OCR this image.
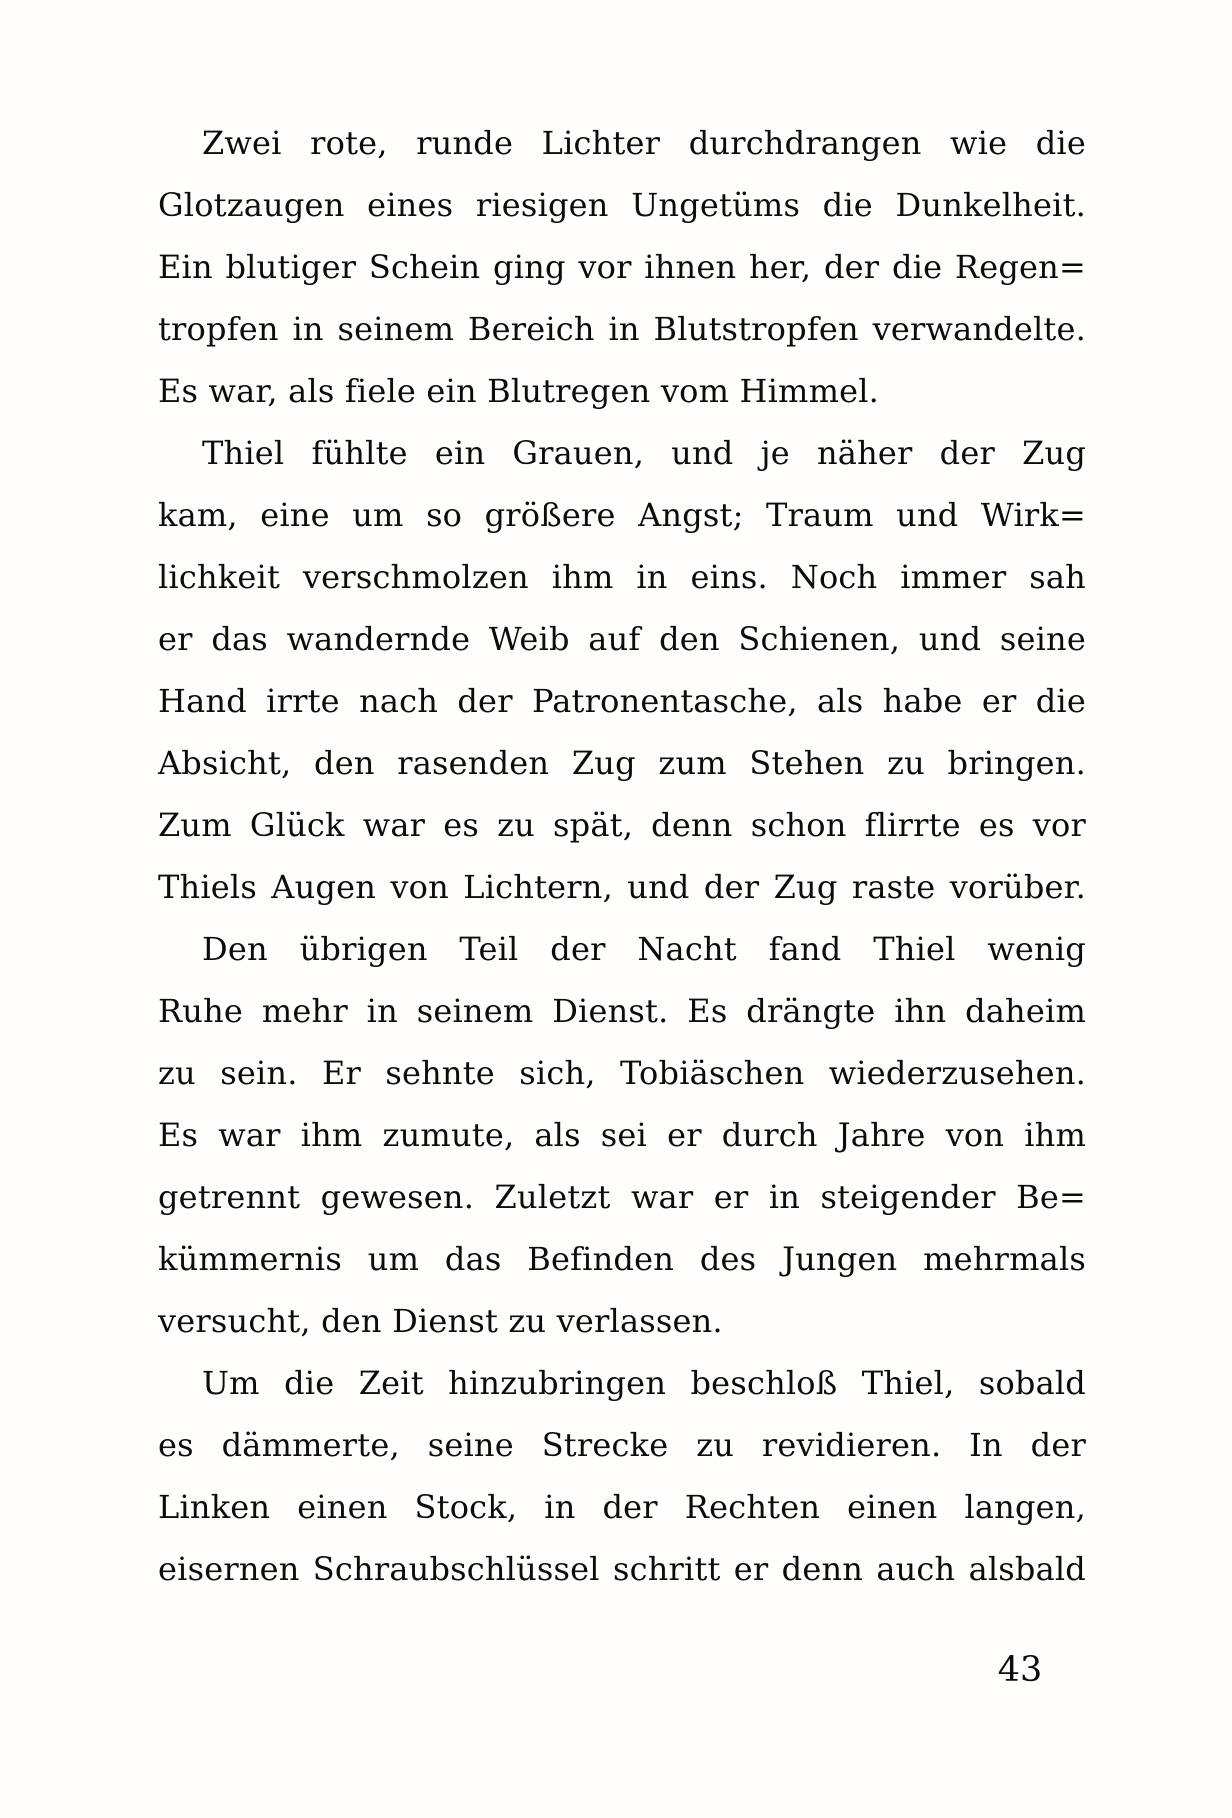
Zwei rote, runde Lichter durchdrangen wie die
Glotzaugen eines riesigen Ungetüms die Dunkelheit.
Ein blutiger Schein ging vor ihnen her, der die Regen=
tropfen in seinem Bereich in Blutstropfen verwandelte.
Es war, als fiele ein Blutregen vom Himmel.
Thiel fühlte ein Grauen, und je näher der Zug
kam, eine um so größere Angst; Traum und Wirk=
lichkeit verschmolzen ihm in eins. Noch immer sah
er das wandernde Weib auf den Schienen, und seine
Hand irrte nach der Patronentasche, als habe er die
Absicht, den rasenden Zug zum Stehen zu bringen.
Zum Glück war es zu spät, denn schon flirrte es vor
Thiels Augen von Lichtern, und der Zug raste vorüber.
Den übrigen Teil der Nacht fand Thiel wenig
Ruhe mehr in seinem Dienst. Es drängte ihn daheim
zu sein. Er sehnte sich, Tobiäschen wiederzusehen.
Es war ihm zumute, als sei er durch Jahre von ihm
getrennt gewesen. Zuletzt war er in steigender Be=
kümmernis um das Befinden des Jungen mehrmals
versucht, den Dienst zu verlassen.
Um die Zeit hinzubringen beschloß Thiel, sobald
es dämmerte, seine Strecke zu revidieren. In der
Linken einen Stock, in der Rechten einen langen,
eisernen Schraubschlüssel schritt er denn auch alsbald
43
